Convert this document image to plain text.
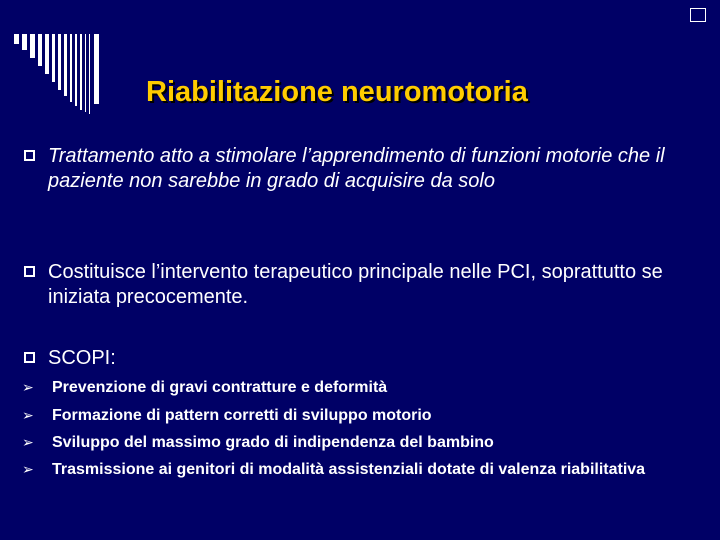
Riabilitazione neuromotoria
Trattamento atto a stimolare l’apprendimento di funzioni motorie che il paziente non sarebbe in grado di acquisire da solo
Costituisce l’intervento terapeutico principale nelle PCI, soprattutto se iniziata precocemente.
SCOPI:
➢ Prevenzione di gravi contratture e deformità
➢ Formazione di pattern corretti di sviluppo motorio
➢ Sviluppo del massimo grado di indipendenza del bambino
➢ Trasmissione ai genitori di modalità assistenziali dotate di valenza riabilitativa
